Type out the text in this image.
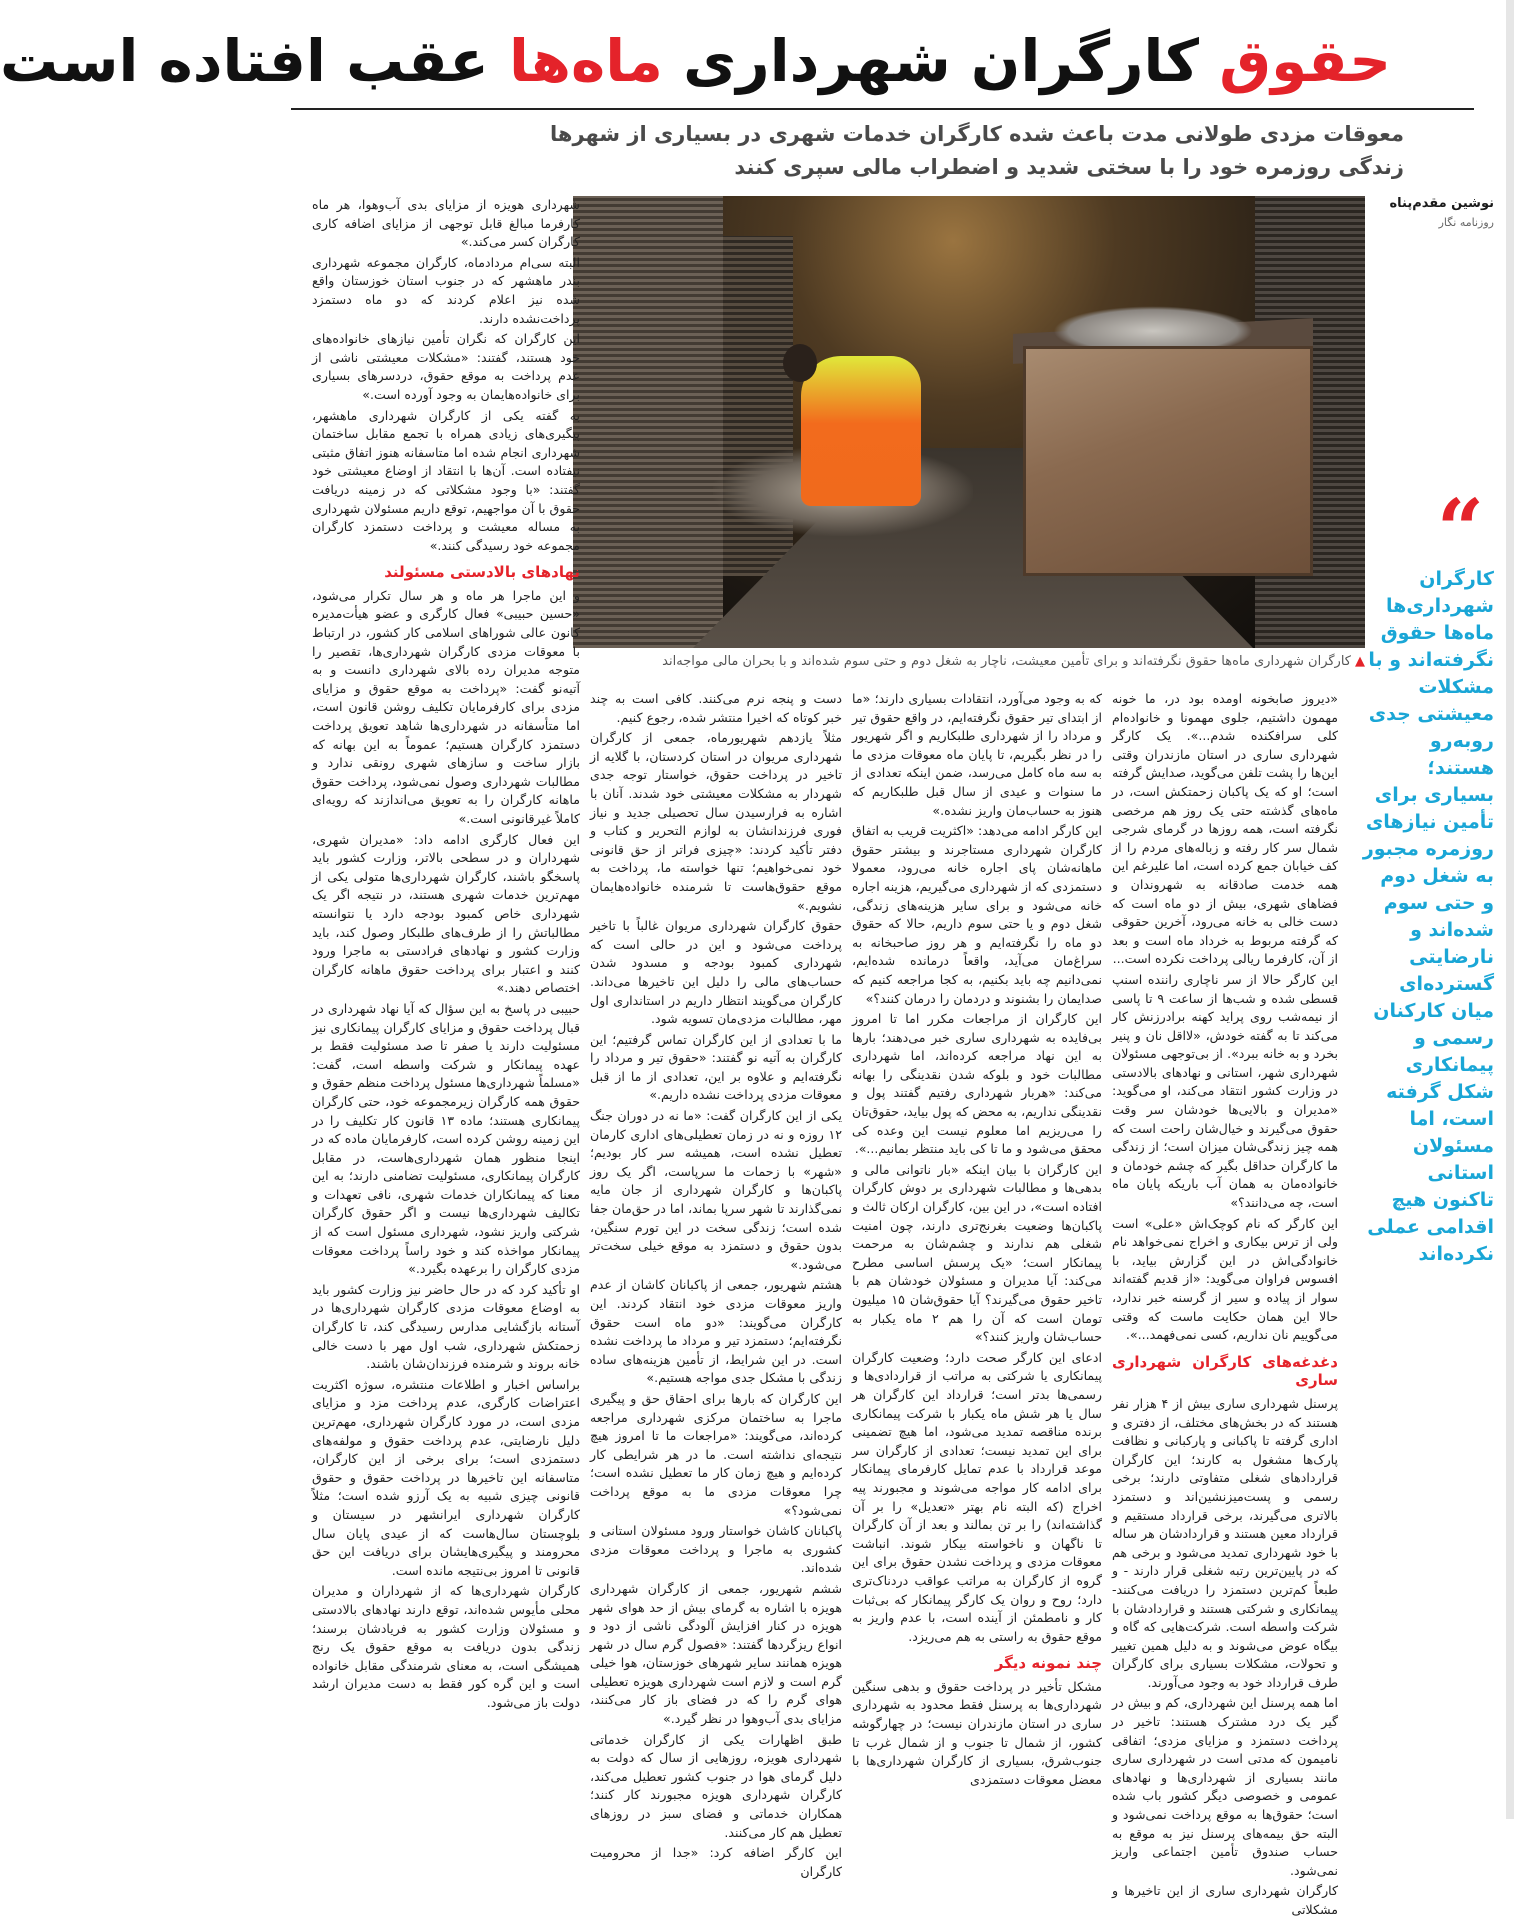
حقوق کارگران شهرداری ماه‌ها عقب افتاده است
معوقات مزدی طولانی مدت باعث شده کارگران خدمات شهری در بسیاری از شهرها زندگی روزمره خود را با سختی شدید و اضطراب مالی سپری کنند
نوشین مقدم‌پناه
روزنامه نگار
▲کارگران شهرداری ماه‌ها حقوق نگرفته‌اند و برای تأمین معیشت، ناچار به شغل دوم و حتی سوم شده‌اند و با بحران مالی مواجه‌اند
“
کارگران شهرداری‌ها ماه‌ها حقوق نگرفته‌اند و با مشکلات معیشتی جدی روبه‌رو هستند؛ بسیاری برای تأمین نیازهای روزمره مجبور به شغل دوم و حتی سوم شده‌اند و نارضایتی گسترده‌ای میان کارکنان رسمی و پیمانکاری شکل گرفته است، اما مسئولان استانی تاکنون هیچ اقدامی عملی نکرده‌اند

«دیروز صابخونه اومده بود در، ما خونه مهمون داشتیم، جلوی مهمونا و خانواده‌ام کلی سرافکنده شدم...». یک کارگر شهرداری ساری در استان مازندران وقتی این‌ها را پشت تلفن می‌گوید، صدایش گرفته است؛ او که یک پاکبان زحمتکش است، در ماه‌های گذشته حتی یک روز هم مرخصی نگرفته است، همه روزها در گرمای شرجی شمال سر کار رفته و زباله‌های مردم را از کف خیابان جمع کرده است، اما علیرغم این همه خدمت صادقانه به شهروندان و فضاهای شهری، بیش از دو ماه است که دست خالی به خانه می‌رود، آخرین حقوقی که گرفته مربوط به خرداد ماه است و بعد از آن، کارفرما ریالی پرداخت نکرده است...

این کارگر حالا از سر ناچاری راننده اسنپ قسطی شده و شب‌ها از ساعت ۹ تا پاسی از نیمه‌شب روی پراید کهنه برادرزنش کار می‌کند تا به گفته خودش، «لااقل نان و پنیر بخرد و به خانه ببرد». از بی‌توجهی مسئولان شهرداری شهر، استانی و نهادهای بالادستی در وزارت کشور انتقاد می‌کند، او می‌گوید: «مدیران و بالایی‌ها خودشان سر وقت حقوق می‌گیرند و خیال‌شان راحت است که همه چیز زندگی‌شان میزان است؛ از زندگی ما کارگران حداقل بگیر که چشم خودمان و خانواده‌مان به همان آب باریکه پایان ماه است، چه می‌دانند؟»

این کارگر که نام کوچک‌اش «علی» است ولی از ترس بیکاری و اخراج نمی‌خواهد نام خانوادگی‌اش در این گزارش بیاید، با افسوس فراوان می‌گوید: «از قدیم گفته‌اند سوار از پیاده و سیر از گرسنه خبر ندارد، حالا این همان حکایت ماست که وقتی می‌گوییم نان نداریم، کسی نمی‌فهمد...».

دغدغه‌های کارگران شهرداری ساری

پرسنل شهرداری ساری بیش از ۴ هزار نفر هستند که در بخش‌های مختلف، از دفتری و اداری گرفته تا پاکبانی و پارکبانی و نظافت پارک‌ها مشغول به کارند؛ این کارگران قراردادهای شغلی متفاوتی دارند؛ برخی رسمی و پست‌میزنشین‌اند و دستمزد بالاتری می‌گیرند، برخی قرارداد مستقیم و قرارداد معین هستند و قراردادشان هر ساله با خود شهرداری تمدید می‌شود و برخی هم که در پایین‌ترین رتبه شغلی قرار دارند - و طبعاً کم‌ترین دستمزد را دریافت می‌کنند- پیمانکاری و شرکتی هستند و قراردادشان با شرکت واسطه است. شرکت‌هایی که گاه و بیگاه عوض می‌شوند و به دلیل همین تغییر و تحولات، مشکلات بسیاری برای کارگران طرف قرارداد خود به وجود می‌آورند.

اما همه پرسنل این شهرداری، کم و بیش در گیر یک درد مشترک هستند: تاخیر در پرداخت دستمزد و مزایای مزدی؛ اتفاقی نامیمون که مدتی است در شهرداری ساری مانند بسیاری از شهرداری‌ها و نهادهای عمومی و خصوصی دیگر کشور باب شده است؛ حقوق‌ها به موقع پرداخت نمی‌شود و البته حق بیمه‌های پرسنل نیز به موقع به حساب صندوق تأمین اجتماعی واریز نمی‌شود.

کارگران شهرداری ساری از این تاخیرها و مشکلاتی

که به وجود می‌آورد، انتقادات بسیاری دارند؛ «ما از ابتدای تیر حقوق نگرفته‌ایم، در واقع حقوق تیر و مرداد را از شهرداری طلبکاریم و اگر شهریور را در نظر بگیریم، تا پایان ماه معوقات مزدی ما به سه ماه کامل می‌رسد، ضمن اینکه تعدادی از ما سنوات و عیدی از سال قبل طلبکاریم که هنوز به حساب‌مان واریز نشده.»

این کارگر ادامه می‌دهد: «اکثریت قریب به اتفاق کارگران شهرداری مستاجرند و بیشتر حقوق ماهانه‌شان پای اجاره خانه می‌رود، معمولا دستمزدی که از شهرداری می‌گیریم، هزینه اجاره خانه می‌شود و برای سایر هزینه‌های زندگی، شغل دوم و یا حتی سوم داریم، حالا که حقوق دو ماه را نگرفته‌ایم و هر روز صاحبخانه به سراغ‌مان می‌آید، واقعاً درمانده شده‌ایم، نمی‌دانیم چه باید بکنیم، به کجا مراجعه کنیم که صدایمان را بشنوند و دردمان را درمان کنند؟»

این کارگران از مراجعات مکرر اما تا امروز بی‌فایده به شهرداری ساری خبر می‌دهند؛ بارها به این نهاد مراجعه کرده‌اند، اما شهرداری مطالبات خود و بلوکه شدن نقدینگی را بهانه می‌کند: «هربار شهرداری رفتیم گفتند پول و نقدینگی نداریم، به محض که پول بیاید، حقوق‌تان را می‌ریزیم اما معلوم نیست این وعده کی محقق می‌شود و ما تا کی باید منتظر بمانیم...».

این کارگران با بیان اینکه «بار ناتوانی مالی و بدهی‌ها و مطالبات شهرداری بر دوش کارگران افتاده است»، در این بین، کارگران ارکان ثالث و پاکبان‌ها وضعیت بغرنج‌تری دارند، چون امنیت شغلی هم ندارند و چشم‌شان به مرحمت پیمانکار است؛ «یک پرسش اساسی مطرح می‌کند: آیا مدیران و مسئولان خودشان هم با تاخیر حقوق می‌گیرند؟ آیا حقوق‌شان ۱۵ میلیون تومان است که آن را هم ۲ ماه یکبار به حساب‌شان واریز کنند؟»

ادعای این کارگر صحت دارد؛ وضعیت کارگران پیمانکاری یا شرکتی به مراتب از قراردادی‌ها و رسمی‌ها بدتر است؛ قرارداد این کارگران هر سال یا هر شش ماه یکبار با شرکت پیمانکاری برنده مناقصه تمدید می‌شود، اما هیچ تضمینی برای این تمدید نیست؛ تعدادی از کارگران سر موعد قرارداد با عدم تمایل کارفرمای پیمانکار برای ادامه کار مواجه می‌شوند و مجبورند پیه اخراج (که البته نام بهتر «تعدیل» را بر آن گذاشته‌اند) را بر تن بمالند و بعد از آن کارگران تا ناگهان و ناخواسته بیکار شوند. انباشت معوقات مزدی و پرداخت نشدن حقوق برای این گروه از کارگران به مراتب عواقب دردناک‌تری دارد؛ روح و روان یک کارگر پیمانکار که بی‌ثبات کار و نامطمئن از آینده است، با عدم واریز به موقع حقوق به راستی به هم می‌ریزد.

چند نمونه دیگر

مشکل تأخیر در پرداخت حقوق و بدهی سنگین شهرداری‌ها به پرسنل فقط محدود به شهرداری ساری در استان مازندران نیست؛ در چهارگوشه کشور، از شمال تا جنوب و از شمال غرب تا جنوب‌شرق، بسیاری از کارگران شهرداری‌ها با معضل معوقات دستمزدی

دست و پنجه نرم می‌کنند. کافی است به چند خبر کوتاه که اخیرا منتشر شده، رجوع کنیم.

مثلاً یازدهم شهریورماه، جمعی از کارگران شهرداری مریوان در استان کردستان، با گلایه از تاخیر در پرداخت حقوق، خواستار توجه جدی شهردار به مشکلات معیشتی خود شدند. آنان با اشاره به فرارسیدن سال تحصیلی جدید و نیاز فوری فرزندانشان به لوازم التحریر و کتاب و دفتر تأکید کردند: «چیزی فراتر از حق قانونی خود نمی‌خواهیم؛ تنها خواسته ما، پرداخت به موقع حقوق‌هاست تا شرمنده خانواده‌هایمان نشویم.»

حقوق کارگران شهرداری مریوان غالباً با تاخیر پرداخت می‌شود و این در حالی است که شهرداری کمبود بودجه و مسدود شدن حساب‌های مالی را دلیل این تاخیرها می‌داند. کارگران می‌گویند انتظار داریم در استانداری اول مهر، مطالبات مزدی‌مان تسویه شود.

ما با تعدادی از این کارگران تماس گرفتیم؛ این کارگران به آتیه نو گفتند: «حقوق تیر و مرداد را نگرفته‌ایم و علاوه بر این، تعدادی از ما از قبل معوقات مزدی پرداخت نشده داریم.»

یکی از این کارگران گفت: «ما نه در دوران جنگ ۱۲ روزه و نه در زمان تعطیلی‌های اداری کارمان تعطیل نشده است، همیشه سر کار بودیم؛ «شهر» با زحمات ما سرپاست، اگر یک روز پاکبان‌ها و کارگران شهرداری از جان مایه نمی‌گذارند تا شهر سرپا بماند، اما در حق‌مان جفا شده است؛ زندگی سخت در این تورم سنگین، بدون حقوق و دستمزد به موقع خیلی سخت‌تر می‌شود.»

هشتم شهریور، جمعی از پاکبانان کاشان از عدم واریز معوقات مزدی خود انتقاد کردند. این کارگران می‌گویند: «دو ماه است حقوق نگرفته‌ایم؛ دستمزد تیر و مرداد ما پرداخت نشده است. در این شرایط، از تأمین هزینه‌های ساده زندگی با مشکل جدی مواجه هستیم.»

این کارگران که بارها برای احقاق حق و پیگیری ماجرا به ساختمان مرکزی شهرداری مراجعه کرده‌اند، می‌گویند: «مراجعات ما تا امروز هیچ نتیجه‌ای نداشته است. ما در هر شرایطی کار کرده‌ایم و هیچ زمان کار ما تعطیل نشده است؛ چرا معوقات مزدی ما به موقع پرداخت نمی‌شود؟»

پاکبانان کاشان خواستار ورود مسئولان استانی و کشوری به ماجرا و پرداخت معوقات مزدی شده‌اند.

ششم شهریور، جمعی از کارگران شهرداری هویزه با اشاره به گرمای بیش از حد هوای شهر هویزه در کنار افزایش آلودگی ناشی از دود و انواع ریزگردها گفتند: «فصول گرم سال در شهر هویزه همانند سایر شهرهای خوزستان، هوا خیلی گرم است و لازم است شهرداری هویزه تعطیلی هوای گرم را که در فضای باز کار می‌کنند، مزایای بدی آب‌وهوا در نظر گیرد.»

طبق اظهارات یکی از کارگران خدماتی شهرداری هویزه، روزهایی از سال که دولت به دلیل گرمای هوا در جنوب کشور تعطیل می‌کند، کارگران شهرداری هویزه مجبورند کار کنند؛ همکاران خدماتی و فضای سبز در روزهای تعطیل هم کار می‌کنند.

این کارگر اضافه کرد: «جدا از محرومیت کارگران

شهرداری هویزه از مزایای بدی آب‌وهوا، هر ماه کارفرما مبالغ قابل توجهی از مزایای اضافه کاری کارگران کسر می‌کند.»

البته سی‌ام مردادماه، کارگران مجموعه شهرداری بندر ماهشهر که در جنوب استان خوزستان واقع شده نیز اعلام کردند که دو ماه دستمزد پرداخت‌نشده دارند.

این کارگران که نگران تأمین نیازهای خانواده‌های خود هستند، گفتند: «مشکلات معیشتی ناشی از عدم پرداخت به موقع حقوق، دردسرهای بسیاری برای خانواده‌هایمان به وجود آورده است.»

به گفته یکی از کارگران شهرداری ماهشهر، پیگیری‌های زیادی همراه با تجمع مقابل ساختمان شهرداری انجام شده اما متاسفانه هنوز اتفاق مثبتی نیفتاده است. آن‌ها با انتقاد از اوضاع معیشتی خود گفتند: «با وجود مشکلاتی که در زمینه دریافت حقوق با آن مواجهیم، توقع داریم مسئولان شهرداری به مساله معیشت و پرداخت دستمزد کارگران مجموعه خود رسیدگی کنند.»

نهادهای بالادستی مسئولند

و این ماجرا هر ماه و هر سال تکرار می‌شود، «حسین حبیبی» فعال کارگری و عضو هیأت‌مدیره کانون عالی شوراهای اسلامی کار کشور، در ارتباط با معوقات مزدی کارگران شهرداری‌ها، تقصیر را متوجه مدیران رده بالای شهرداری دانست و به آتیه‌نو گفت: «پرداخت به موقع حقوق و مزایای مزدی برای کارفرمایان تکلیف روشن قانون است، اما متأسفانه در شهرداری‌ها شاهد تعویق پرداخت دستمزد کارگران هستیم؛ عموماً به این بهانه که بازار ساخت و سازهای شهری رونقی ندارد و مطالبات شهرداری وصول نمی‌شود، پرداخت حقوق ماهانه کارگران را به تعویق می‌اندازند که رویه‌ای کاملاً غیرقانونی است.»

این فعال کارگری ادامه داد: «مدیران شهری، شهرداران و در سطحی بالاتر، وزارت کشور باید پاسخگو باشند، کارگران شهرداری‌ها متولی یکی از مهم‌ترین خدمات شهری هستند، در نتیجه اگر یک شهرداری خاص کمبود بودجه دارد یا نتوانسته مطالباتش را از طرف‌های طلبکار وصول کند، باید وزارت کشور و نهادهای فرادستی به ماجرا ورود کنند و اعتبار برای پرداخت حقوق ماهانه کارگران اختصاص دهند.»

حبیبی در پاسخ به این سؤال که آیا نهاد شهرداری در قبال پرداخت حقوق و مزایای کارگران پیمانکاری نیز مسئولیت دارند یا صفر تا صد مسئولیت فقط بر عهده پیمانکار و شرکت واسطه است، گفت: «مسلماً شهرداری‌ها مسئول پرداخت منظم حقوق و حقوق همه کارگران زیرمجموعه خود، حتی کارگران پیمانکاری هستند؛ ماده ۱۳ قانون کار تکلیف را در این زمینه روشن کرده است، کارفرمایان ماده که در اینجا منظور همان شهرداری‌هاست، در مقابل کارگران پیمانکاری، مسئولیت تضامنی دارند؛ به این معنا که پیمانکاران خدمات شهری، نافی تعهدات و تکالیف شهرداری‌ها نیست و اگر حقوق کارگران شرکتی واریز نشود، شهرداری مسئول است که از پیمانکار مواخذه کند و خود راساً پرداخت معوقات مزدی کارگران را برعهده بگیرد.»

او تأکید کرد که در حال حاضر نیز وزارت کشور باید به اوضاع معوقات مزدی کارگران شهرداری‌ها در آستانه بازگشایی مدارس رسیدگی کند، تا کارگران زحمتکش شهرداری، شب اول مهر با دست خالی خانه بروند و شرمنده فرزندان‌شان باشند.

براساس اخبار و اطلاعات منتشره، سوژه اکثریت اعتراضات کارگری، عدم پرداخت مزد و مزایای مزدی است، در مورد کارگران شهرداری، مهم‌ترین دلیل نارضایتی، عدم پرداخت حقوق و مولفه‌های دستمزدی است؛ برای برخی از این کارگران، متاسفانه این تاخیرها در پرداخت حقوق و حقوق قانونی چیزی شبیه به یک آرزو شده است؛ مثلاً کارگران شهرداری ایرانشهر در سیستان و بلوچستان سال‌هاست که از عیدی پایان سال محرومند و پیگیری‌هایشان برای دریافت این حق قانونی تا امروز بی‌نتیجه مانده است.

کارگران شهرداری‌ها که از شهرداران و مدیران محلی مأیوس شده‌اند، توقع دارند نهادهای بالادستی و مسئولان وزارت کشور به فریادشان برسند؛ زندگی بدون دریافت به موقع حقوق یک رنج همیشگی است، به معنای شرمندگی مقابل خانواده است و این گره کور فقط به دست مدیران ارشد دولت باز می‌شود.
